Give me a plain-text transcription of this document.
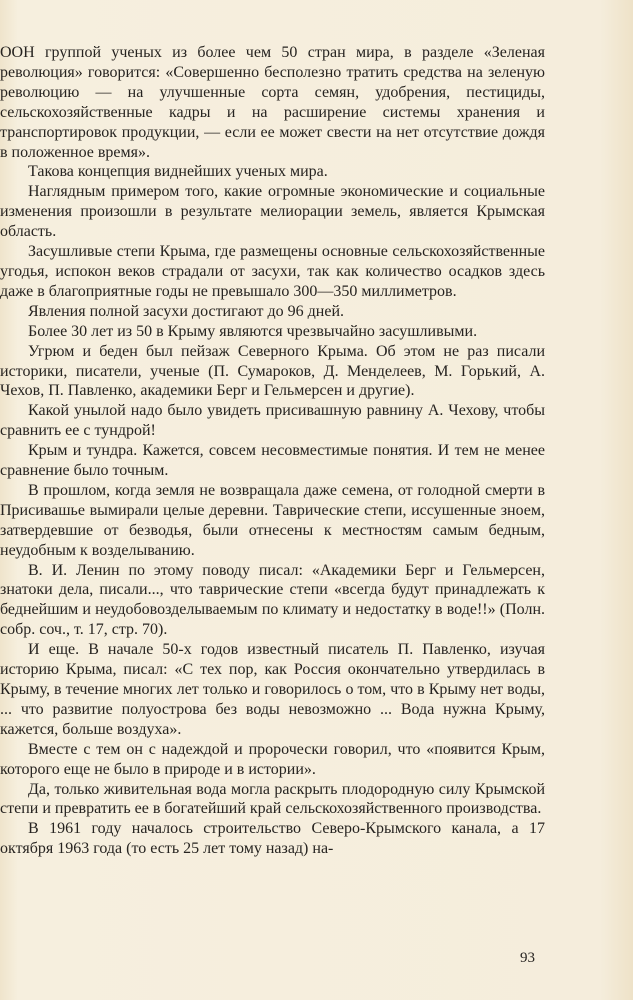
ООН группой ученых из более чем 50 стран мира, в разделе «Зеленая революция» говорится: «Совершенно бесполезно тратить средства на зеленую революцию — на улучшенные сорта семян, удобрения, пестициды, сельскохозяйственные кадры и на расширение системы хранения и транспортировок продукции, — если ее может свести на нет отсутствие дождя в положенное время».

Такова концепция виднейших ученых мира.

Наглядным примером того, какие огромные экономические и социальные изменения произошли в результате мелиорации земель, является Крымская область.

Засушливые степи Крыма, где размещены основные сельскохозяйственные угодья, испокон веков страдали от засухи, так как количество осадков здесь даже в благоприятные годы не превышало 300—350 миллиметров.

Явления полной засухи достигают до 96 дней.

Более 30 лет из 50 в Крыму являются чрезвычайно засушливыми.

Угрюм и беден был пейзаж Северного Крыма. Об этом не раз писали историки, писатели, ученые (П. Сумароков, Д. Менделеев, М. Горький, А. Чехов, П. Павленко, академики Берг и Гельмерсен и другие).

Какой унылой надо было увидеть присивашную равнину А. Чехову, чтобы сравнить ее с тундрой!

Крым и тундра. Кажется, совсем несовместимые понятия. И тем не менее сравнение было точным.

В прошлом, когда земля не возвращала даже семена, от голодной смерти в Присивашье вымирали целые деревни. Таврические степи, иссушенные зноем, затвердевшие от безводья, были отнесены к местностям самым бедным, неудобным к возделыванию.

В. И. Ленин по этому поводу писал: «Академики Берг и Гельмерсен, знатоки дела, писали..., что таврические степи «всегда будут принадлежать к беднейшим и неудобовозделываемым по климату и недостатку в воде!!» (Полн. собр. соч., т. 17, стр. 70).

И еще. В начале 50-х годов известный писатель П. Павленко, изучая историю Крыма, писал: «С тех пор, как Россия окончательно утвердилась в Крыму, в течение многих лет только и говорилось о том, что в Крыму нет воды, ... что развитие полуострова без воды невозможно ... Вода нужна Крыму, кажется, больше воздуха».

Вместе с тем он с надеждой и пророчески говорил, что «появится Крым, которого еще не было в природе и в истории».

Да, только живительная вода могла раскрыть плодородную силу Крымской степи и превратить ее в богатейший край сельскохозяйственного производства.

В 1961 году началось строительство Северо-Крымского канала, а 17 октября 1963 года (то есть 25 лет тому назад) на-

93
